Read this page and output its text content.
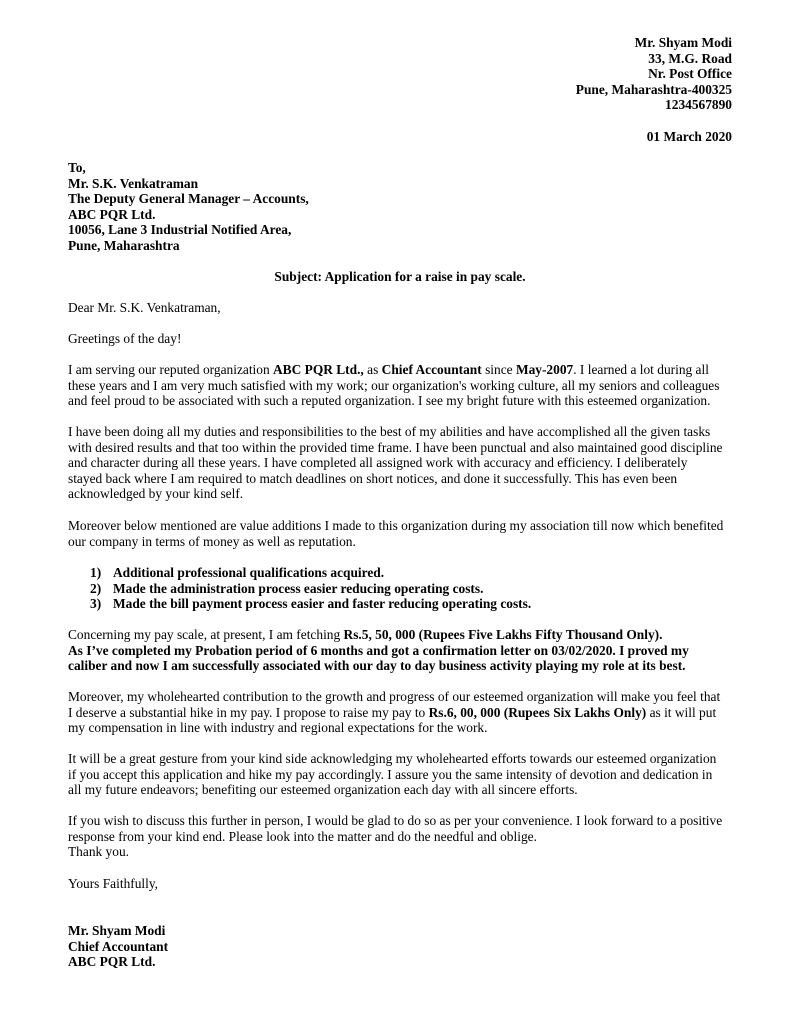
Mr. Shyam Modi
33, M.G. Road
Nr. Post Office
Pune, Maharashtra-400325
1234567890
01 March 2020
To,
Mr. S.K. Venkatraman
The Deputy General Manager – Accounts,
ABC PQR Ltd.
10056, Lane 3 Industrial Notified Area,
Pune, Maharashtra
Subject: Application for a raise in pay scale.
Dear Mr. S.K. Venkatraman,
Greetings of the day!
I am serving our reputed organization ABC PQR Ltd., as Chief Accountant since May-2007. I learned a lot during all
these years and I am very much satisfied with my work; our organization's working culture, all my seniors and colleagues
and feel proud to be associated with such a reputed organization. I see my bright future with this esteemed organization.
I have been doing all my duties and responsibilities to the best of my abilities and have accomplished all the given tasks
with desired results and that too within the provided time frame. I have been punctual and also maintained good discipline
and character during all these years. I have completed all assigned work with accuracy and efficiency. I deliberately
stayed back where I am required to match deadlines on short notices, and done it successfully. This has even been
acknowledged by your kind self.
Moreover below mentioned are value additions I made to this organization during my association till now which benefited
our company in terms of money as well as reputation.
1) Additional professional qualifications acquired.
2) Made the administration process easier reducing operating costs.
3) Made the bill payment process easier and faster reducing operating costs.
Concerning my pay scale, at present, I am fetching Rs.5, 50, 000 (Rupees Five Lakhs Fifty Thousand Only).
As I’ve completed my Probation period of 6 months and got a confirmation letter on 03/02/2020. I proved my
caliber and now I am successfully associated with our day to day business activity playing my role at its best.
Moreover, my wholehearted contribution to the growth and progress of our esteemed organization will make you feel that
I deserve a substantial hike in my pay. I propose to raise my pay to Rs.6, 00, 000 (Rupees Six Lakhs Only) as it will put
my compensation in line with industry and regional expectations for the work.
It will be a great gesture from your kind side acknowledging my wholehearted efforts towards our esteemed organization
if you accept this application and hike my pay accordingly. I assure you the same intensity of devotion and dedication in
all my future endeavors; benefiting our esteemed organization each day with all sincere efforts.
If you wish to discuss this further in person, I would be glad to do so as per your convenience. I look forward to a positive
response from your kind end. Please look into the matter and do the needful and oblige.
Thank you.
Yours Faithfully,
Mr. Shyam Modi
Chief Accountant
ABC PQR Ltd.
